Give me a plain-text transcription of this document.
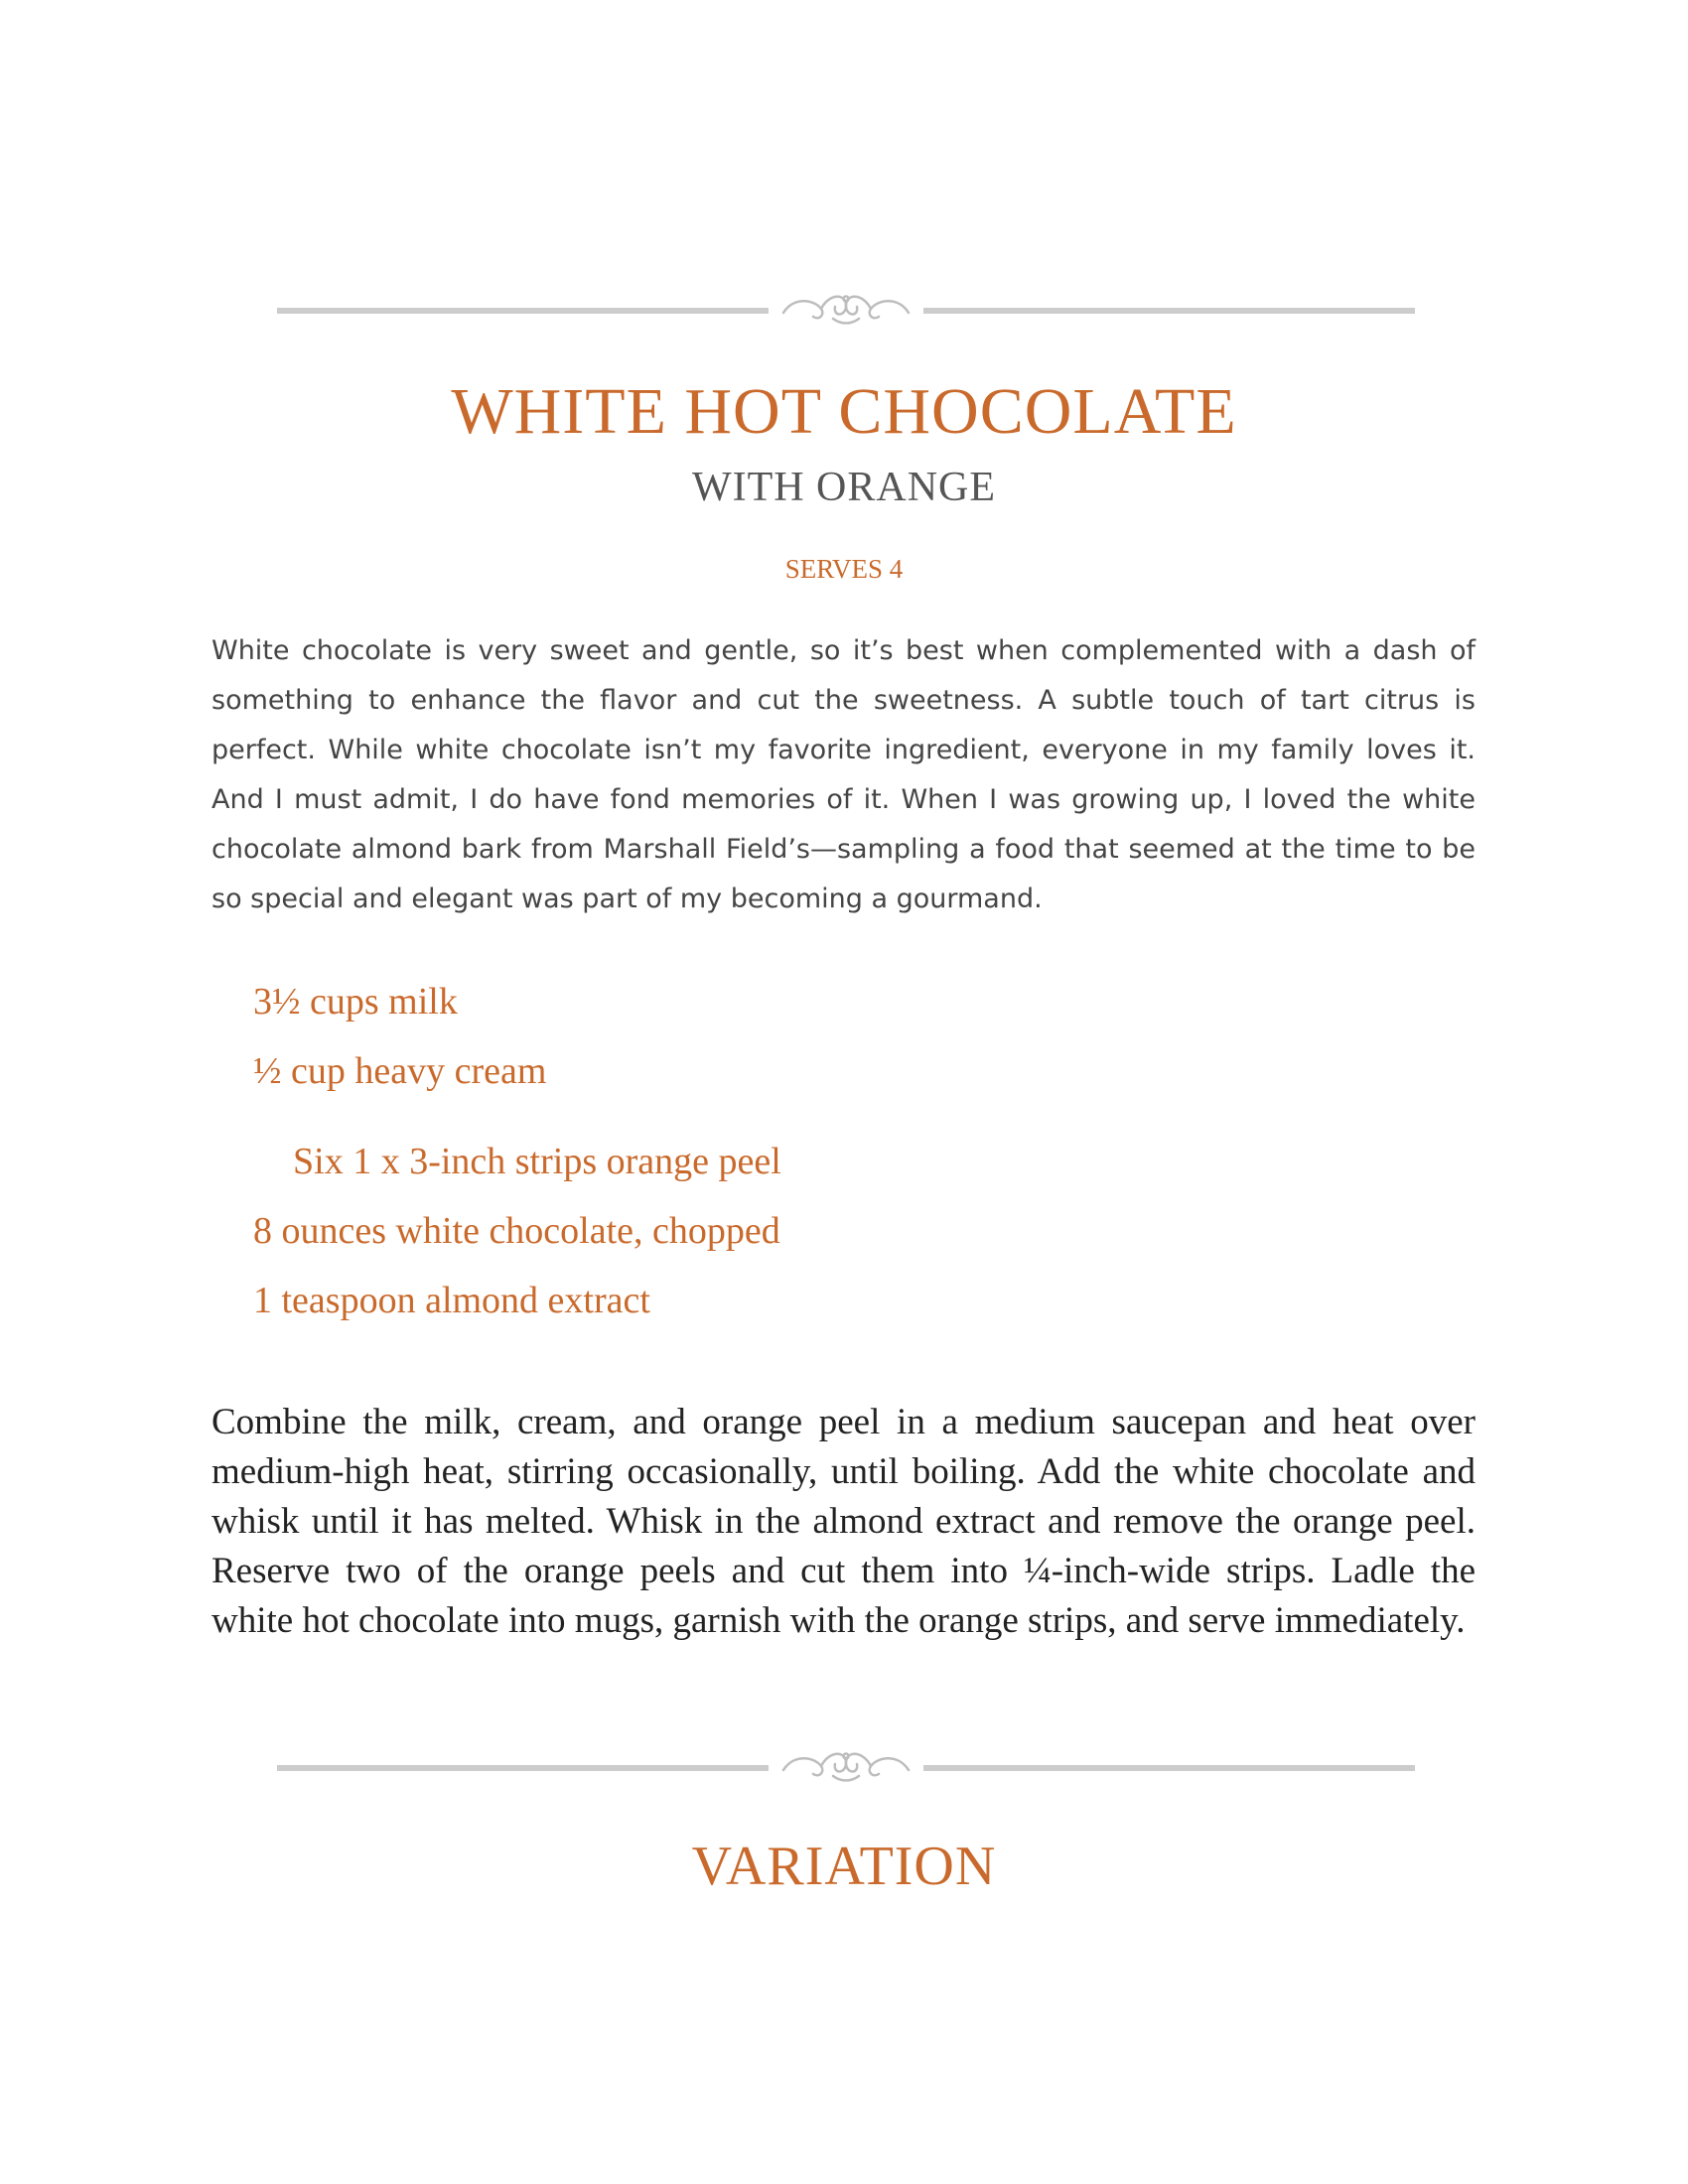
WHITE HOT CHOCOLATE
WITH ORANGE
SERVES 4

White chocolate is very sweet and gentle, so it’s best when complemented with a dash of something to enhance the flavor and cut the sweetness. A subtle touch of tart citrus is perfect. While white chocolate isn’t my favorite ingredient, everyone in my family loves it. And I must admit, I do have fond memories of it. When I was growing up, I loved the white chocolate almond bark from Marshall Field’s—sampling a food that seemed at the time to be so special and elegant was part of my becoming a gourmand.

3½ cups milk
½ cup heavy cream
Six 1 x 3-inch strips orange peel
8 ounces white chocolate, chopped
1 teaspoon almond extract

Combine the milk, cream, and orange peel in a medium saucepan and heat over medium-high heat, stirring occasionally, until boiling. Add the white chocolate and whisk until it has melted. Whisk in the almond extract and remove the orange peel. Reserve two of the orange peels and cut them into ¼-inch-wide strips. Ladle the white hot chocolate into mugs, garnish with the orange strips, and serve immediately.

VARIATION
